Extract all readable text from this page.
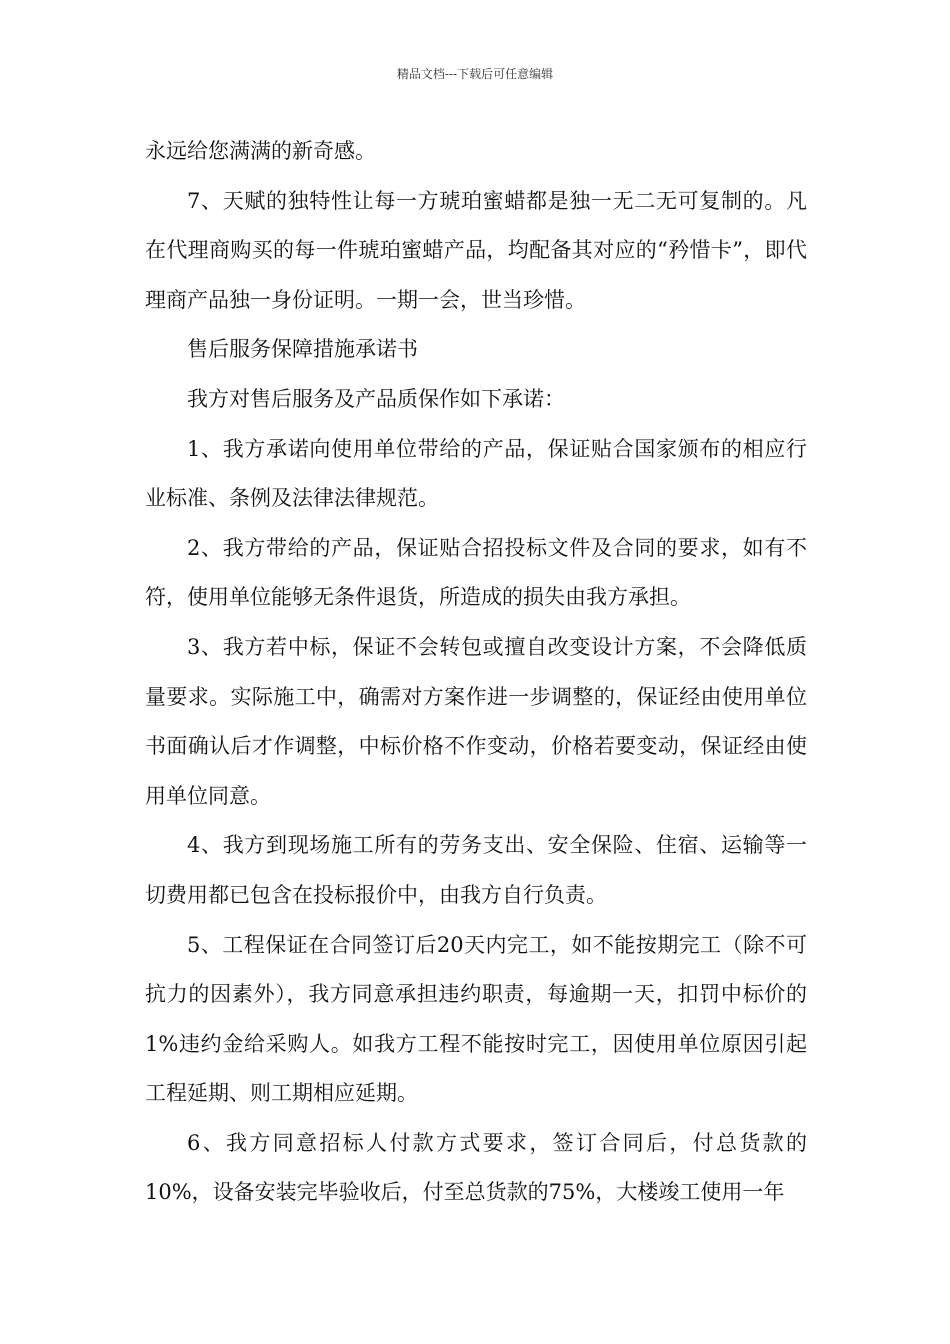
精品文档---下载后可任意编辑

永远给您满满的新奇感。

7、天赋的独特性让每一方琥珀蜜蜡都是独一无二无可复制的。凡在代理商购买的每一件琥珀蜜蜡产品，均配备其对应的“矜惜卡”，即代理商产品独一身份证明。一期一会，世当珍惜。

售后服务保障措施承诺书

我方对售后服务及产品质保作如下承诺：

1、我方承诺向使用单位带给的产品，保证贴合国家颁布的相应行业标准、条例及法律法律规范。

2、我方带给的产品，保证贴合招投标文件及合同的要求，如有不符，使用单位能够无条件退货，所造成的损失由我方承担。

3、我方若中标，保证不会转包或擅自改变设计方案，不会降低质量要求。实际施工中，确需对方案作进一步调整的，保证经由使用单位书面确认后才作调整，中标价格不作变动，价格若要变动，保证经由使用单位同意。

4、我方到现场施工所有的劳务支出、安全保险、住宿、运输等一切费用都已包含在投标报价中，由我方自行负责。

5、工程保证在合同签订后20天内完工，如不能按期完工（除不可抗力的因素外），我方同意承担违约职责，每逾期一天，扣罚中标价的1%违约金给采购人。如我方工程不能按时完工，因使用单位原因引起工程延期、则工期相应延期。

6、我方同意招标人付款方式要求，签订合同后，付总货款的10%，设备安装完毕验收后，付至总货款的75%，大楼竣工使用一年
